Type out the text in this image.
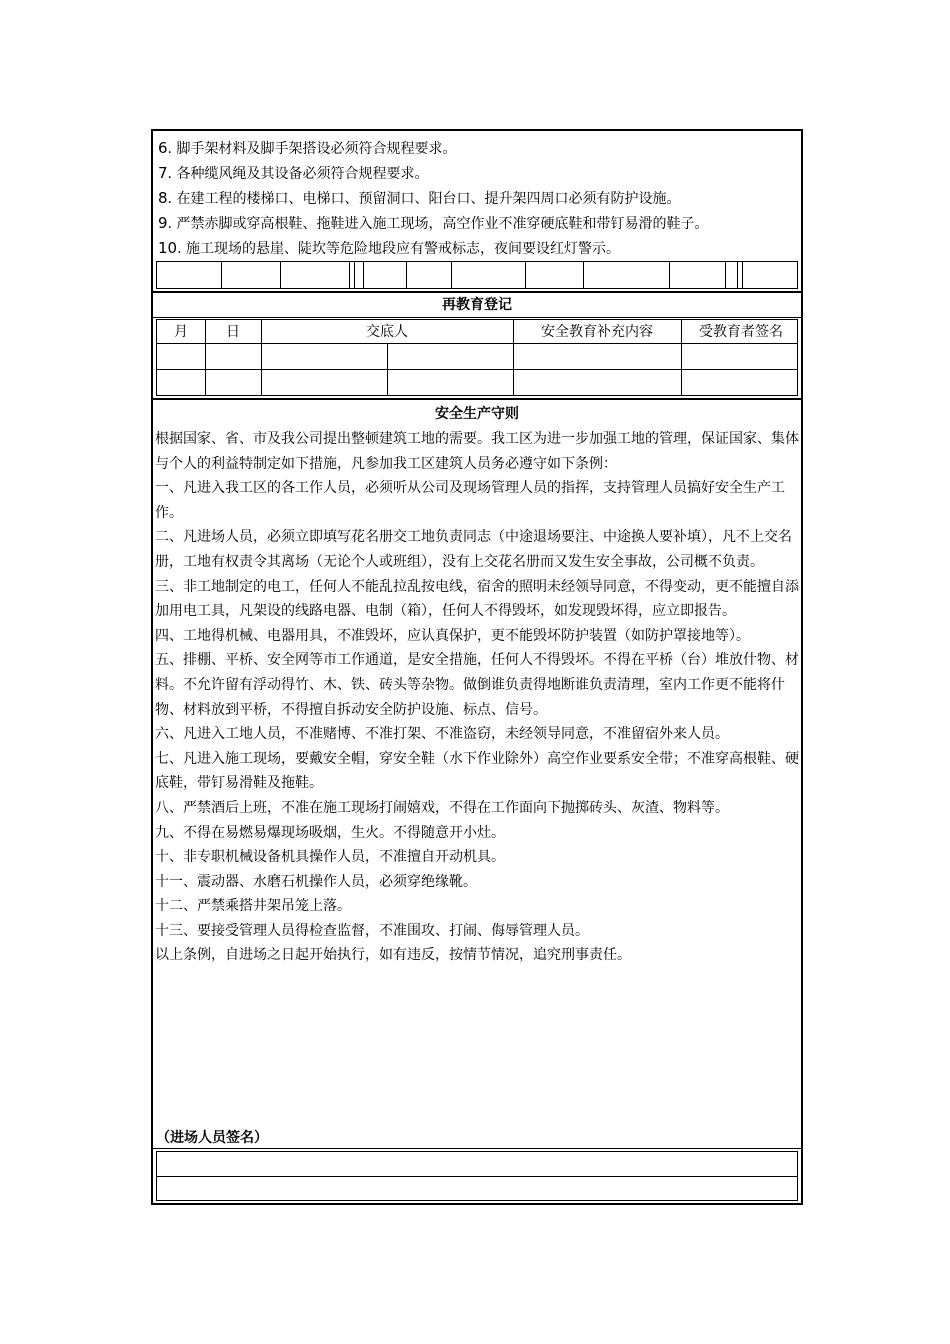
6. 脚手架材料及脚手架搭设必须符合规程要求。
7. 各种缆风绳及其设备必须符合规程要求。
8. 在建工程的楼梯口、电梯口、预留洞口、阳台口、提升架四周口必须有防护设施。
9. 严禁赤脚或穿高根鞋、拖鞋进入施工现场，高空作业不准穿硬底鞋和带钉易滑的鞋子。
10. 施工现场的悬崖、陡坎等危险地段应有警戒标志，夜间要设红灯警示。
再教育登记
月	日	交底人	安全教育补充内容	受教育者签名
安全生产守则

根据国家、省、市及我公司提出整顿建筑工地的需要。我工区为进一步加强工地的管理，保证国家、集体与个人的利益特制定如下措施，凡参加我工区建筑人员务必遵守如下条例：

一、凡进入我工区的各工作人员，必须听从公司及现场管理人员的指挥，支持管理人员搞好安全生产工作。

二、凡进场人员，必须立即填写花名册交工地负责同志（中途退场要注、中途换人要补填），凡不上交名册，工地有权责令其离场（无论个人或班组），没有上交花名册而又发生安全事故，公司概不负责。

三、非工地制定的电工，任何人不能乱拉乱按电线，宿舍的照明未经领导同意，不得变动，更不能擅自添加用电工具，凡架设的线路电器、电制（箱），任何人不得毁坏，如发现毁坏得，应立即报告。

四、工地得机械、电器用具，不准毁坏，应认真保护，更不能毁坏防护装置（如防护罩接地等）。

五、排棚、平桥、安全网等市工作通道，是安全措施，任何人不得毁坏。不得在平桥（台）堆放什物、材料。不允许留有浮动得竹、木、铁、砖头等杂物。做倒谁负责得地断谁负责清理，室内工作更不能将什物、材料放到平桥，不得擅自拆动安全防护设施、标点、信号。

六、凡进入工地人员，不准赌博、不准打架、不准盗窃，未经领导同意，不准留宿外来人员。

七、凡进入施工现场，要戴安全帽，穿安全鞋（水下作业除外）高空作业要系安全带；不准穿高根鞋、硬底鞋，带钉易滑鞋及拖鞋。

八、严禁酒后上班，不准在施工现场打闹嬉戏，不得在工作面向下抛掷砖头、灰渣、物料等。

九、不得在易燃易爆现场吸烟，生火。不得随意开小灶。

十、非专职机械设备机具操作人员，不准擅自开动机具。

十一、震动器、水磨石机操作人员，必须穿绝缘靴。

十二、严禁乘搭井架吊笼上落。

十三、要接受管理人员得检查监督，不准围攻、打闹、侮辱管理人员。

以上条例，自进场之日起开始执行，如有违反，按情节情况，追究刑事责任。

（进场人员签名）
